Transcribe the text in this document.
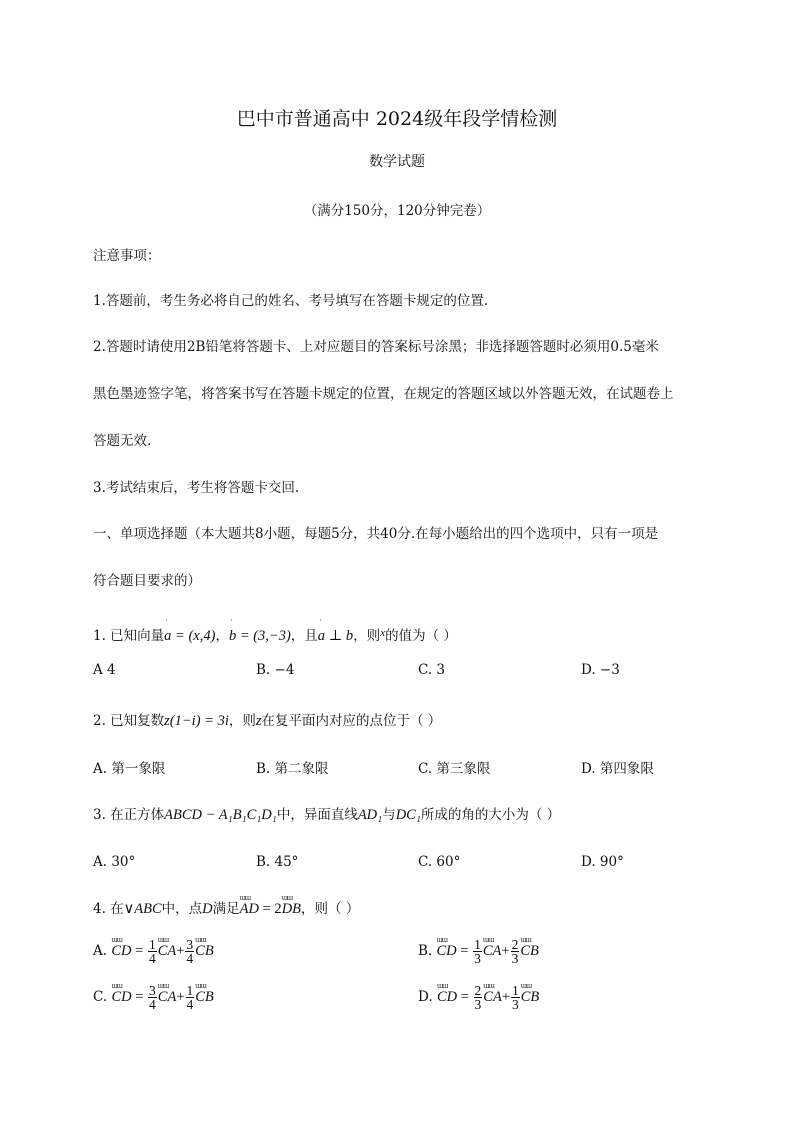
巴中市普通高中 2024级年段学情检测
数学试题
（满分150分，120分钟完卷）
注意事项：
1.答题前，考生务必将自己的姓名、考号填写在答题卡规定的位置.
2.答题时请使用2B铅笔将答题卡、上对应题目的答案标号涂黑；非选择题答题时必须用0.5毫米
黑色墨迹签字笔，将答案书写在答题卡规定的位置，在规定的答题区域以外答题无效，在试题卷上
答题无效.
3.考试结束后，考生将答题卡交回.
一、单项选择题（本大题共8小题，每题5分，共40分.在每小题给出的四个选项中，只有一项是
符合题目要求的）
1. 已知向量ˈ a = (x,4)，ˈ b = (3,−3)，且ˈ a ⊥ b，则$^x$的值为（ ）
A 4	B. −4	C. 3	D. −3
2. 已知复数z(1−i) = 3i，则z在复平面内对应的点位于（ ）
A. 第一象限	B. 第二象限	C. 第三象限	D. 第四象限
3. 在正方体ABCD − A₁B₁C₁D₁中，异面直线AD₁与DC₁所成的角的大小为（ ）
A. 30°	B. 45°	C. 60°	D. 90°
4. 在∨ABC中，点D满足ɯɯ AD = 2ɯɯ DB，则（ ）
A. ɯɯ CD = $\frac{1}{4}$ ɯɯ $CA+ \frac{3}{4}$ ɯɯ CB	B. ɯɯ CD = $\frac{1}{3}$ ɯɯ $CA+ \frac{2}{3}$ ɯɯ CB
C. ɯɯ CD = $\frac{3}{4}$ ɯɯ $CA+ \frac{1}{4}$ ɯɯ CB	D. ɯɯ CD = $\frac{2}{3}$ ɯɯ $CA+ \frac{1}{3}$ ɯɯ CB
